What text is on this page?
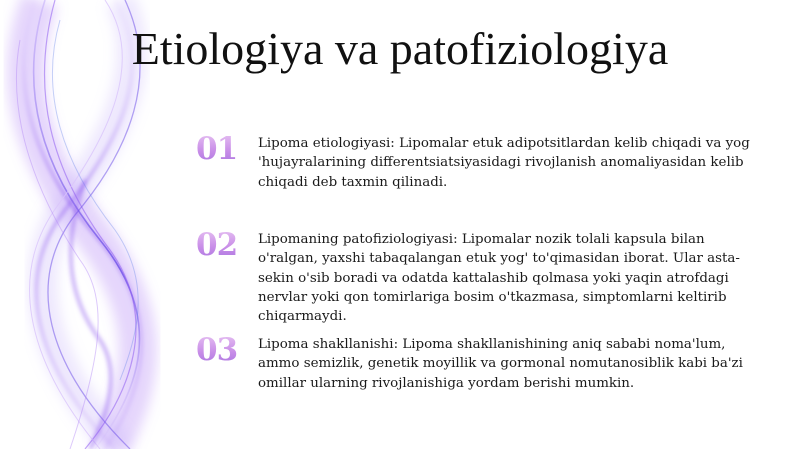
Etiologiya va patofiziologiya
01	Lipoma etiologiyasi: Lipomalar etuk adipotsitlardan kelib chiqadi va yog 'hujayralarining differentsiatsiyasidagi rivojlanish anomaliyasidan kelib chiqadi deb taxmin qilinadi.
02	Lipomaning patofiziologiyasi: Lipomalar nozik tolali kapsula bilan o'ralgan, yaxshi tabaqalangan etuk yog' to'qimasidan iborat. Ular asta-sekin o'sib boradi va odatda kattalashib qolmasa yoki yaqin atrofdagi nervlar yoki qon tomirlariga bosim o'tkazmasa, simptomlarni keltirib chiqarmaydi.
03	Lipoma shakllanishi: Lipoma shakllanishining aniq sababi noma'lum, ammo semizlik, genetik moyillik va gormonal nomutanosiblik kabi ba'zi omillar ularning rivojlanishiga yordam berishi mumkin.
